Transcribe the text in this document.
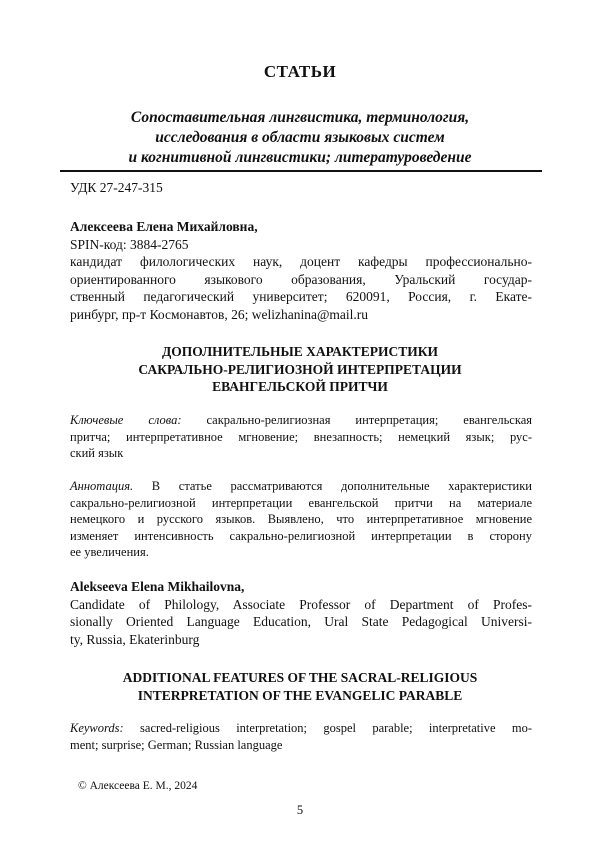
СТАТЬИ
Сопоставительная лингвистика, терминология,
исследования в области языковых систем
и когнитивной лингвистики; литературоведение
УДК 27-247-315
Алексеева Елена Михайловна,
SPIN-код: 3884-2765
кандидат филологических наук, доцент кафедры профессионально-
ориентированного языкового образования, Уральский государ-
ственный педагогический университет; 620091, Россия, г. Екате-
ринбург, пр-т Космонавтов, 26; welizhanina@mail.ru
ДОПОЛНИТЕЛЬНЫЕ ХАРАКТЕРИСТИКИ
САКРАЛЬНО-РЕЛИГИОЗНОЙ ИНТЕРПРЕТАЦИИ
ЕВАНГЕЛЬСКОЙ ПРИТЧИ
Ключевые слова: сакрально-религиозная интерпретация; евангельская
притча; интерпретативное мгновение; внезапность; немецкий язык; рус-
ский язык
Аннотация. В статье рассматриваются дополнительные характеристики
сакрально-религиозной интерпретации евангельской притчи на материале
немецкого и русского языков. Выявлено, что интерпретативное мгновение
изменяет интенсивность сакрально-религиозной интерпретации в сторону
ее увеличения.
Alekseeva Elena Mikhailovna,
Candidate of Philology, Associate Professor of Department of Profes-
sionally Oriented Language Education, Ural State Pedagogical Universi-
ty, Russia, Ekaterinburg
ADDITIONAL FEATURES OF THE SACRAL-RELIGIOUS
INTERPRETATION OF THE EVANGELIC PARABLE
Keywords: sacred-religious interpretation; gospel parable; interpretative mo-
ment; surprise; German; Russian language
© Алексеева Е. М., 2024
5
